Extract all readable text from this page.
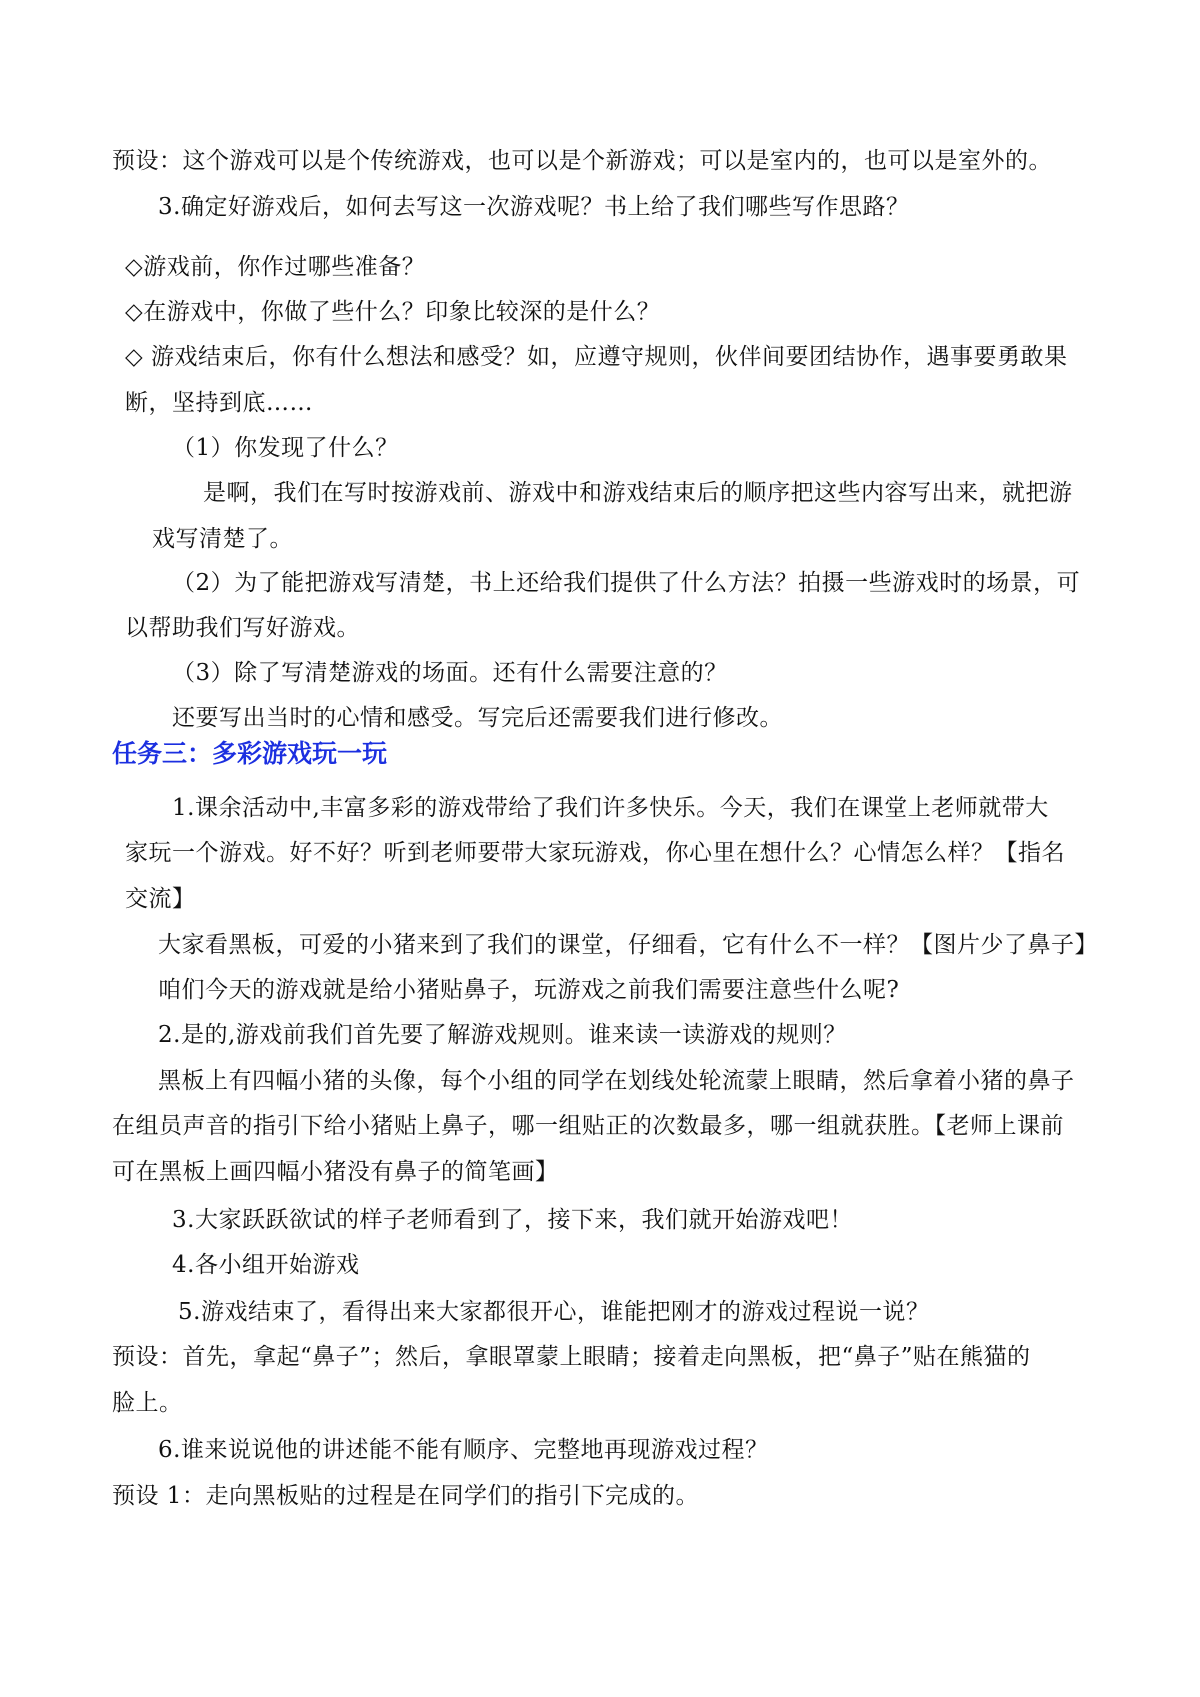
预设：这个游戏可以是个传统游戏，也可以是个新游戏；可以是室内的，也可以是室外的。
3.确定好游戏后，如何去写这一次游戏呢？书上给了我们哪些写作思路？
◇游戏前，你作过哪些准备？
◇在游戏中，你做了些什么？印象比较深的是什么？
◇ 游戏结束后，你有什么想法和感受？如，应遵守规则，伙伴间要团结协作，遇事要勇敢果
断，坚持到底……
（1）你发现了什么？
是啊，我们在写时按游戏前、游戏中和游戏结束后的顺序把这些内容写出来，就把游
戏写清楚了。
（2）为了能把游戏写清楚，书上还给我们提供了什么方法？拍摄一些游戏时的场景，可
以帮助我们写好游戏。
（3）除了写清楚游戏的场面。还有什么需要注意的？
还要写出当时的心情和感受。写完后还需要我们进行修改。
任务三：多彩游戏玩一玩
1.课余活动中,丰富多彩的游戏带给了我们许多快乐。今天，我们在课堂上老师就带大
家玩一个游戏。好不好？听到老师要带大家玩游戏，你心里在想什么？心情怎么样？【指名
交流】
大家看黑板，可爱的小猪来到了我们的课堂，仔细看，它有什么不一样？【图片少了鼻子】
咱们今天的游戏就是给小猪贴鼻子，玩游戏之前我们需要注意些什么呢?
2.是的,游戏前我们首先要了解游戏规则。谁来读一读游戏的规则？
黑板上有四幅小猪的头像，每个小组的同学在划线处轮流蒙上眼睛，然后拿着小猪的鼻子
在组员声音的指引下给小猪贴上鼻子，哪一组贴正的次数最多，哪一组就获胜。【老师上课前
可在黑板上画四幅小猪没有鼻子的简笔画】
3.大家跃跃欲试的样子老师看到了，接下来，我们就开始游戏吧！
4.各小组开始游戏
5.游戏结束了，看得出来大家都很开心，谁能把刚才的游戏过程说一说？
预设：首先，拿起“鼻子”；然后，拿眼罩蒙上眼睛；接着走向黑板，把“鼻子”贴在熊猫的
脸上。
6.谁来说说他的讲述能不能有顺序、完整地再现游戏过程？
预设 1：走向黑板贴的过程是在同学们的指引下完成的。
